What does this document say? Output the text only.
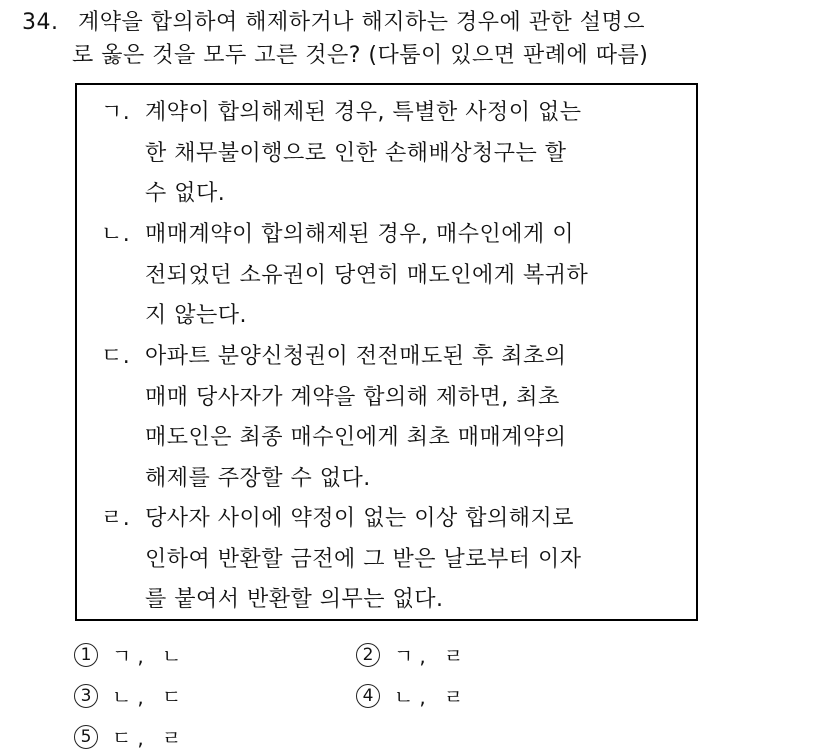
34. 계약을 합의하여 해제하거나 해지하는 경우에 관한 설명으
로 옳은 것을 모두 고른 것은? (다툼이 있으면 판례에 따름)
ㄱ. 계약이 합의해제된 경우, 특별한 사정이 없는
한 채무불이행으로 인한 손해배상청구는 할
수 없다.
ㄴ. 매매계약이 합의해제된 경우, 매수인에게 이
전되었던 소유권이 당연히 매도인에게 복귀하
지 않는다.
ㄷ. 아파트 분양신청권이 전전매도된 후 최초의
매매 당사자가 계약을 합의해 제하면, 최초
매도인은 최종 매수인에게 최초 매매계약의
해제를 주장할 수 없다.
ㄹ. 당사자 사이에 약정이 없는 이상 합의해지로
인하여 반환할 금전에 그 받은 날로부터 이자
를 붙여서 반환할 의무는 없다.
1 ㄱ, ㄴ	2 ㄱ, ㄹ
3 ㄴ, ㄷ	4 ㄴ, ㄹ
5 ㄷ, ㄹ
